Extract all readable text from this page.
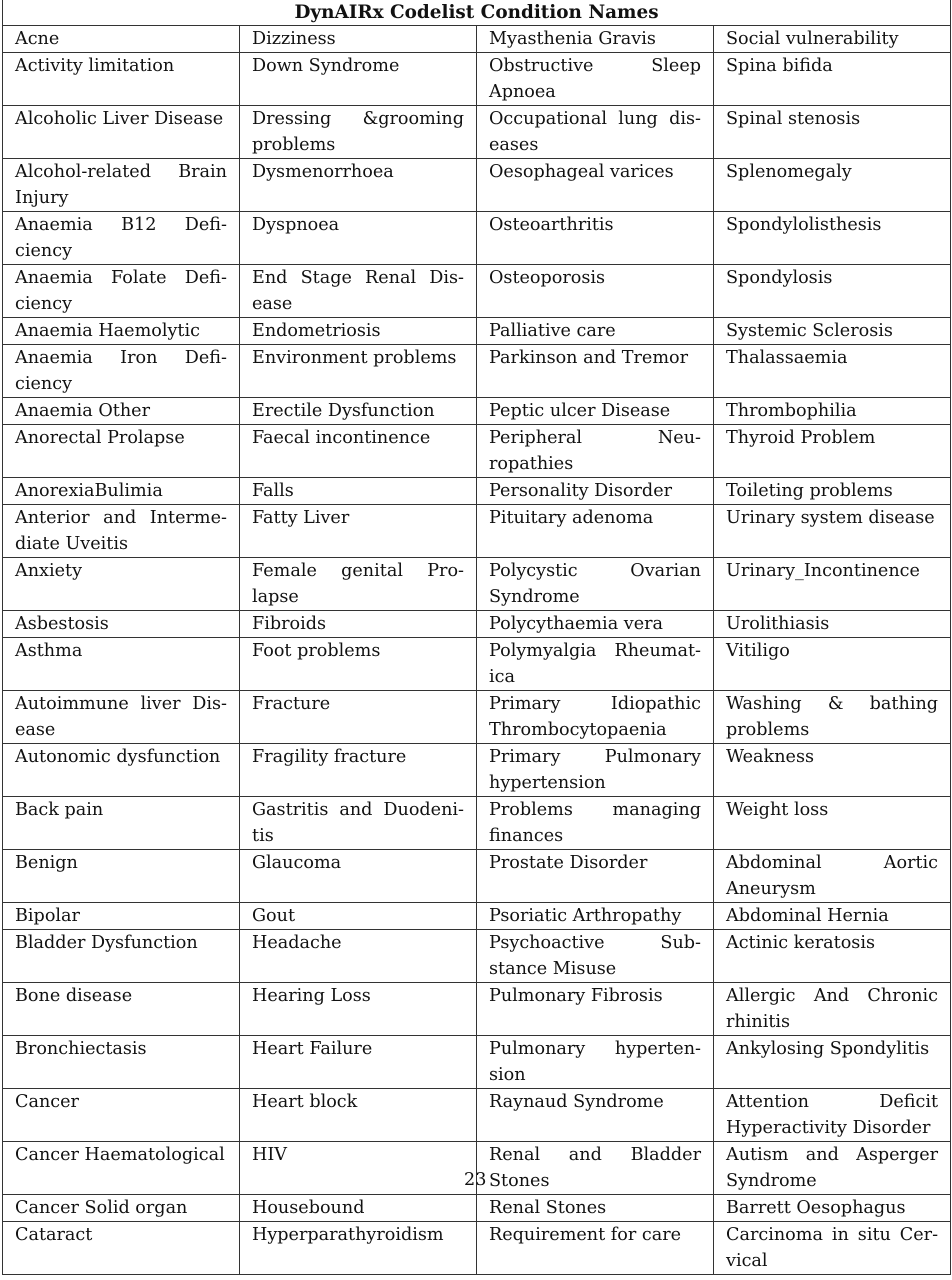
DynAIRx Codelist Condition Names			
Acne	Dizziness	Myasthenia Gravis	Social vulnerability
Activity limitation	Down Syndrome	Obstructive Sleep Apnoea	Spina bifida
Alcoholic Liver Disease	Dressing &grooming problems	Occupational lung diseases	Spinal stenosis
Alcohol-related Brain Injury	Dysmenorrhoea	Oesophageal varices	Splenomegaly
Anaemia B12 Deficiency	Dyspnoea	Osteoarthritis	Spondylolisthesis
Anaemia Folate Deficiency	End Stage Renal Disease	Osteoporosis	Spondylosis
Anaemia Haemolytic	Endometriosis	Palliative care	Systemic Sclerosis
Anaemia Iron Deficiency	Environment problems	Parkinson and Tremor	Thalassaemia
Anaemia Other	Erectile Dysfunction	Peptic ulcer Disease	Thrombophilia
Anorectal Prolapse	Faecal incontinence	Peripheral Neuropathies	Thyroid Problem
AnorexiaBulimia	Falls	Personality Disorder	Toileting problems
Anterior and Intermediate Uveitis	Fatty Liver	Pituitary adenoma	Urinary system disease
Anxiety	Female genital Prolapse	Polycystic Ovarian Syndrome	Urinary_Incontinence
Asbestosis	Fibroids	Polycythaemia vera	Urolithiasis
Asthma	Foot problems	Polymyalgia Rheumatica	Vitiligo
Autoimmune liver Disease	Fracture	Primary Idiopathic Thrombocytopaenia	Washing & bathing problems
Autonomic dysfunction	Fragility fracture	Primary Pulmonary hypertension	Weakness
Back pain	Gastritis and Duodenitis	Problems managing finances	Weight loss
Benign	Glaucoma	Prostate Disorder	Abdominal Aortic Aneurysm
Bipolar	Gout	Psoriatic Arthropathy	Abdominal Hernia
Bladder Dysfunction	Headache	Psychoactive Substance Misuse	Actinic keratosis
Bone disease	Hearing Loss	Pulmonary Fibrosis	Allergic And Chronic rhinitis
Bronchiectasis	Heart Failure	Pulmonary hypertension	Ankylosing Spondylitis
Cancer	Heart block	Raynaud Syndrome	Attention Deficit Hyperactivity Disorder
Cancer Haematological	HIV	Renal and Bladder Stones	Autism and Asperger Syndrome
Cancer Solid organ	Housebound	Renal Stones	Barrett Oesophagus
Cataract	Hyperparathyroidism	Requirement for care	Carcinoma in situ Cervical
23
